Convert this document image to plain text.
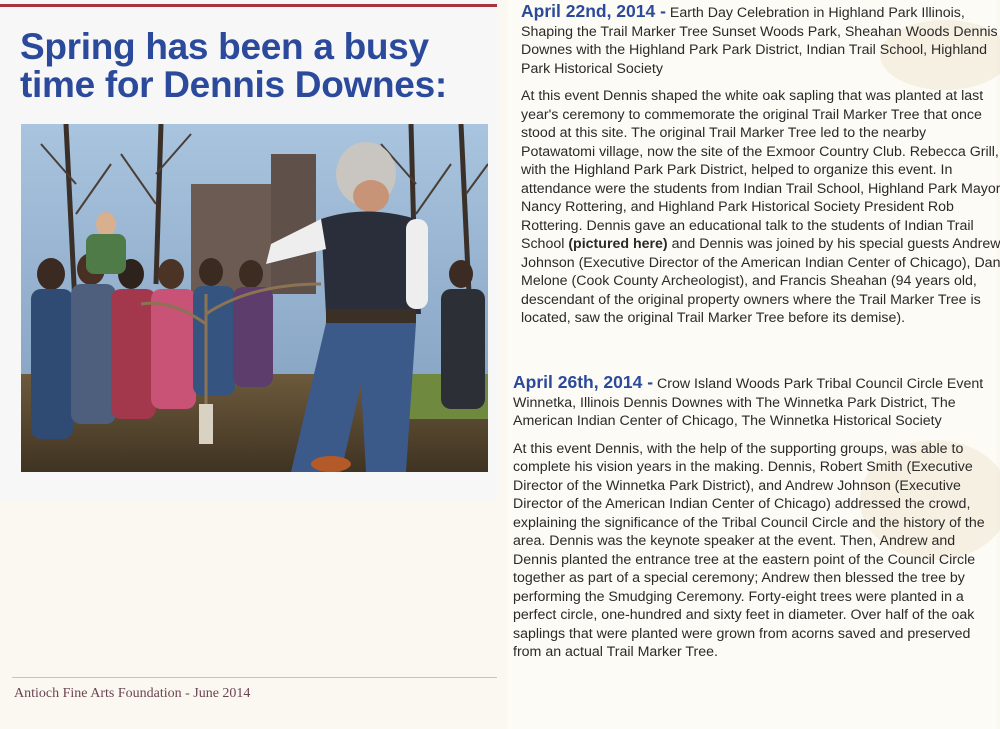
Spring has been a busy time for Dennis Downes:
Antioch Fine Arts Foundation - June 2014

April 22nd, 2014 - Earth Day Celebration in Highland Park Illinois, Shaping the Trail Marker Tree Sunset Woods Park, Sheahan Woods Dennis Downes with the Highland Park Park District, Indian Trail School, Highland Park Historical Society

At this event Dennis shaped the white oak sapling that was planted at last year's ceremony to commemorate the original Trail Marker Tree that once stood at this site. The original Trail Marker Tree led to the nearby Potawatomi village, now the site of the Exmoor Country Club. Rebecca Grill, with the Highland Park Park District, helped to organize this event. In attendance were the students from Indian Trail School, Highland Park Mayor Nancy Rottering, and Highland Park Historical Society President Rob Rottering. Dennis gave an educational talk to the students of Indian Trail School (pictured here) and Dennis was joined by his special guests Andrew Johnson (Executive Director of the American Indian Center of Chicago), Dan Melone (Cook County Archeologist), and Francis Sheahan (94 years old, descendant of the original property owners where the Trail Marker Tree is located, saw the original Trail Marker Tree before its demise).

April 26th, 2014 - Crow Island Woods Park Tribal Council Circle Event Winnetka, Illinois Dennis Downes with The Winnetka Park District, The American Indian Center of Chicago, The Winnetka Historical Society

At this event Dennis, with the help of the supporting groups, was able to complete his vision years in the making. Dennis, Robert Smith (Executive Director of the Winnetka Park District), and Andrew Johnson (Executive Director of the American Indian Center of Chicago) addressed the crowd, explaining the significance of the Tribal Council Circle and the history of the area. Dennis was the keynote speaker at the event. Then, Andrew and Dennis planted the entrance tree at the eastern point of the Council Circle together as part of a special ceremony; Andrew then blessed the tree by performing the Smudging Ceremony. Forty-eight trees were planted in a perfect circle, one-hundred and sixty feet in diameter. Over half of the oak saplings that were planted were grown from acorns saved and preserved from an actual Trail Marker Tree.
